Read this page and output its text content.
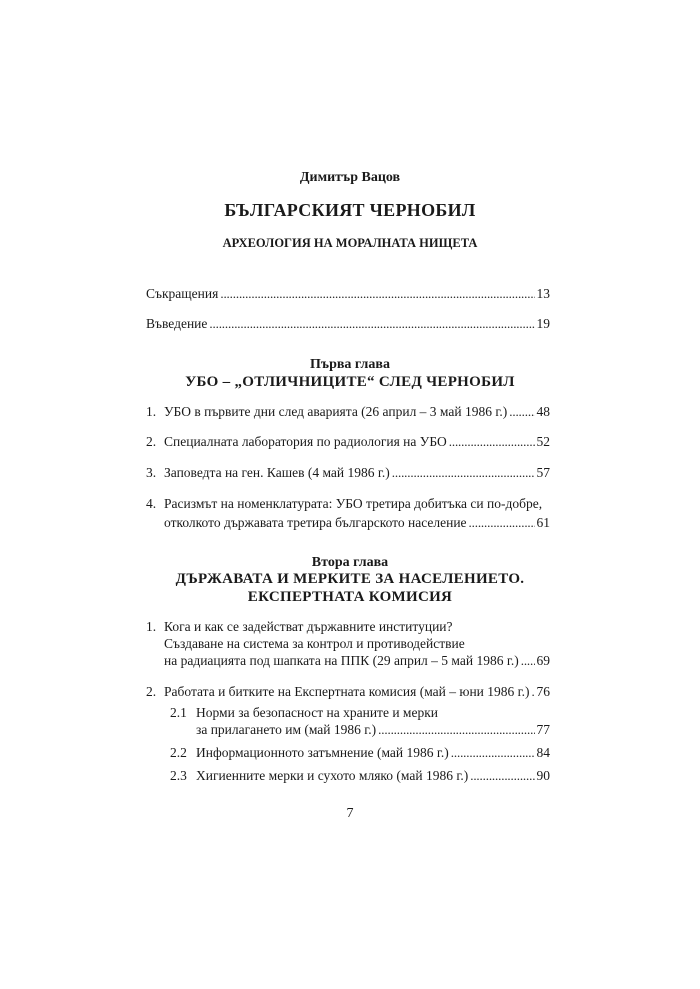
Димитър Вацов
БЪЛГАРСКИЯТ ЧЕРНОБИЛ
АРХЕОЛОГИЯ НА МОРАЛНАТА НИЩЕТА
Съкращения . . .	13
Въведение . . .	19
Първа глава
УБО – „ОТЛИЧНИЦИТЕ“ СЛЕД ЧЕРНОБИЛ
1. УБО в първите дни след аварията (26 април – 3 май 1986 г.) . . . 48
2. Специалната лаборатория по радиология на УБО . . .	52
3. Заповедта на ген. Кашев (4 май 1986 г.) . . .	57
4. Расизмът на номенклатурата: УБО третира добитъка си по-добре,
отколкото държавата третира българското население . . .	61
Втора глава
ДЪРЖАВАТА И МЕРКИТЕ ЗА НАСЕЛЕНИЕТО.
ЕКСПЕРТНАТА КОМИСИЯ
1. Кога и как се задействат държавните институции?
Създаване на система за контрол и противодействие
на радиацията под шапката на ППК (29 април – 5 май 1986 г.) . . . 69
2. Работата и битките на Експертната комисия (май – юни 1986 г.) . . . 76
2.1 Норми за безопасност на храните и мерки
за прилагането им (май 1986 г.) . . .	77
2.2 Информационното затъмнение (май 1986 г.) . . .	84
2.3 Хигиенните мерки и сухото мляко (май 1986 г.) . . .	90
7
